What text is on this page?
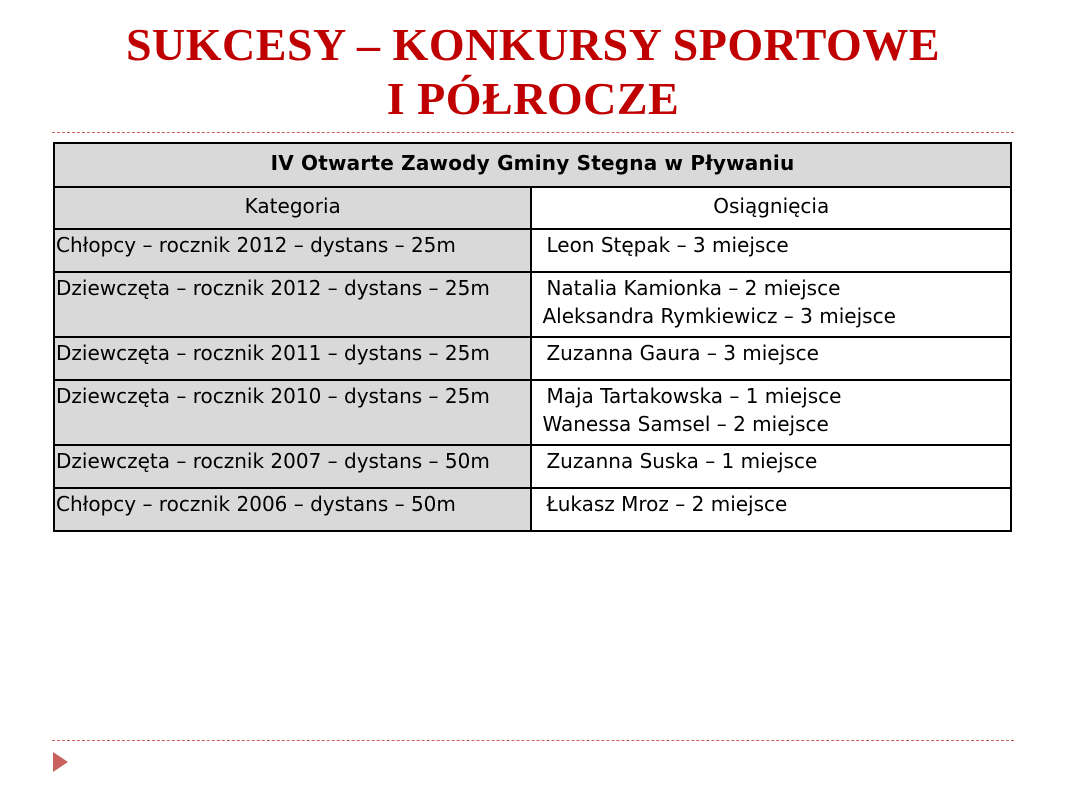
SUKCESY – KONKURSY SPORTOWE
I PÓŁROCZE
IV Otwarte Zawody Gminy Stegna w Pływaniu	
Kategoria	Osiągnięcia
Chłopcy – rocznik 2012 – dystans – 25m	Leon Stępak – 3 miejsce

Dziewczęta – rocznik 2012 – dystans – 25m	Natalia Kamionka – 2 miejsce
Aleksandra Rymkiewicz – 3 miejsce

Dziewczęta – rocznik 2011 – dystans – 25m	Zuzanna Gaura – 3 miejsce

Dziewczęta – rocznik 2010 – dystans – 25m	Maja Tartakowska – 1 miejsce
Wanessa Samsel – 2 miejsce

Dziewczęta – rocznik 2007 – dystans – 50m	Zuzanna Suska – 1 miejsce

Chłopcy – rocznik 2006 – dystans – 50m	Łukasz Mroz – 2 miejsce
